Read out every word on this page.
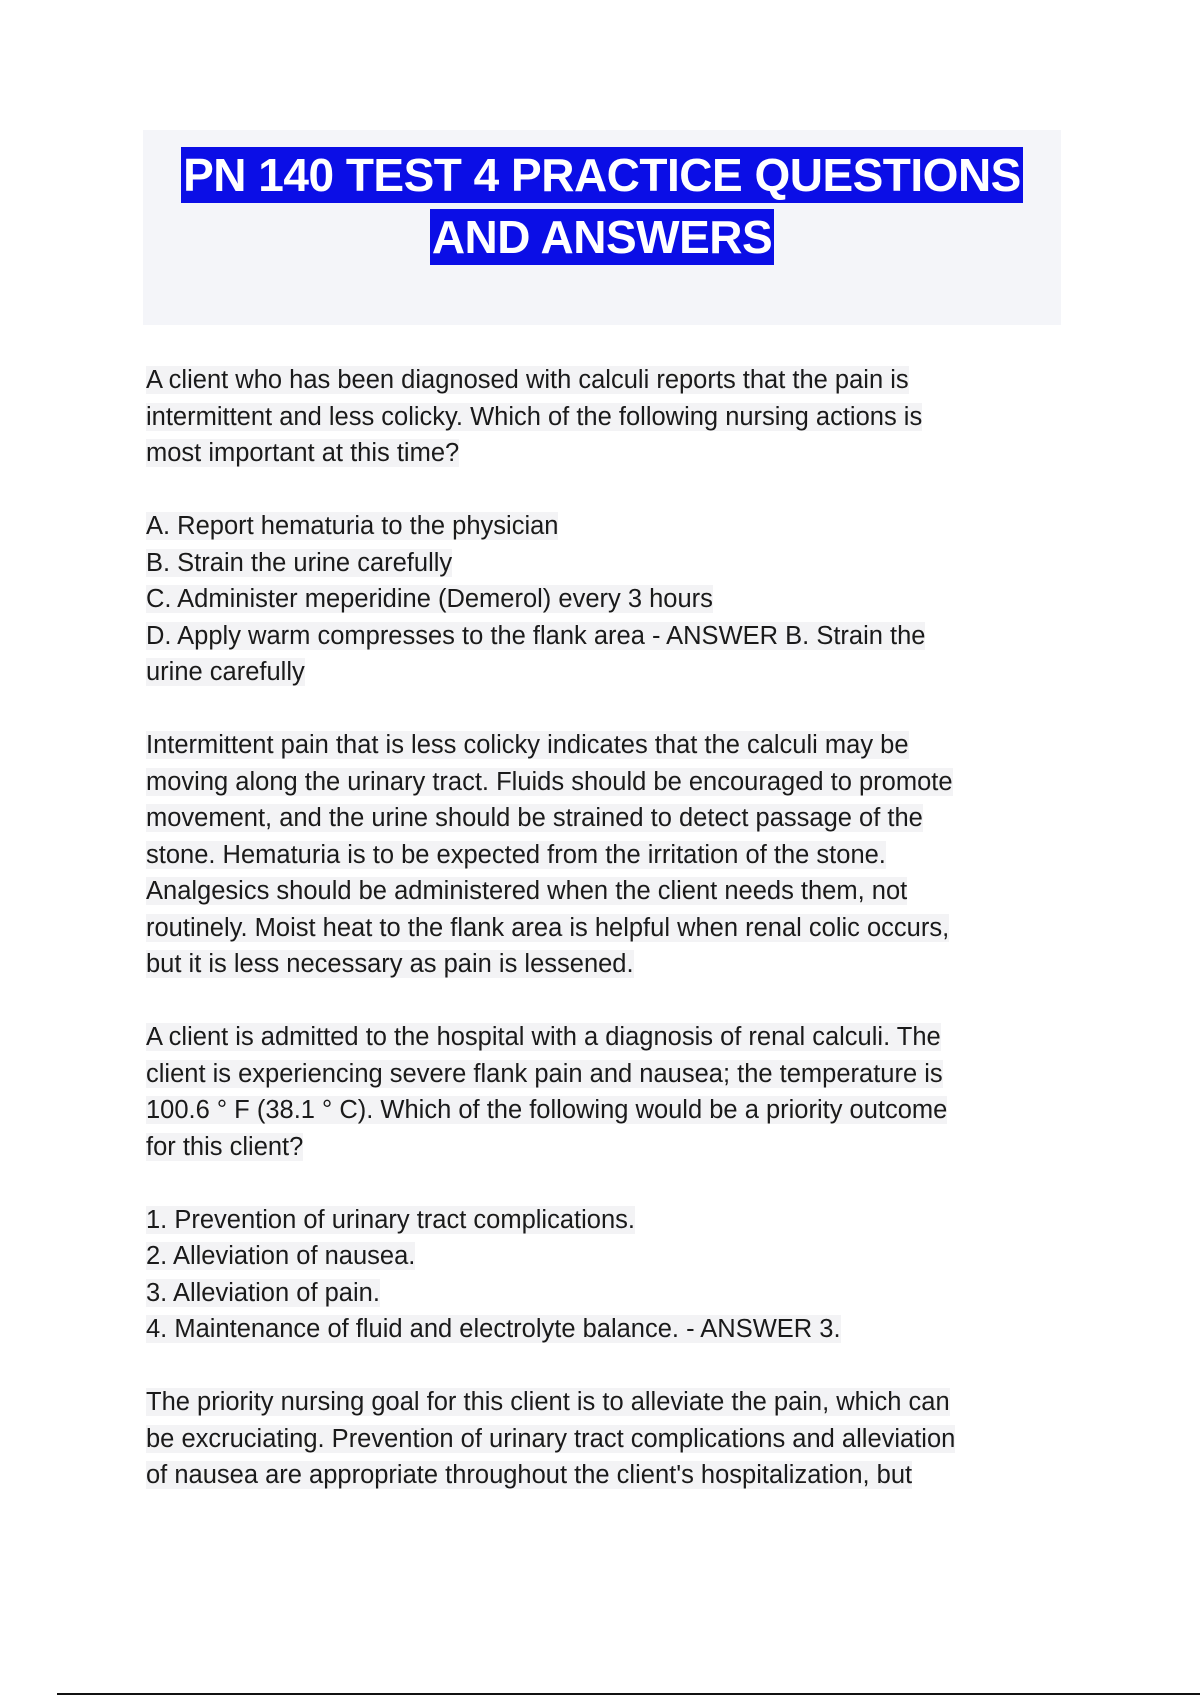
PN 140 TEST 4 PRACTICE QUESTIONS
AND ANSWERS
A client who has been diagnosed with calculi reports that the pain is
intermittent and less colicky. Which of the following nursing actions is
most important at this time?
A. Report hematuria to the physician
B. Strain the urine carefully
C. Administer meperidine (Demerol) every 3 hours
D. Apply warm compresses to the flank area - ANSWER B. Strain the
urine carefully
Intermittent pain that is less colicky indicates that the calculi may be
moving along the urinary tract. Fluids should be encouraged to promote
movement, and the urine should be strained to detect passage of the
stone. Hematuria is to be expected from the irritation of the stone.
Analgesics should be administered when the client needs them, not
routinely. Moist heat to the flank area is helpful when renal colic occurs,
but it is less necessary as pain is lessened.
A client is admitted to the hospital with a diagnosis of renal calculi. The
client is experiencing severe flank pain and nausea; the temperature is
100.6 ° F (38.1 ° C). Which of the following would be a priority outcome
for this client?
1. Prevention of urinary tract complications.
2. Alleviation of nausea.
3. Alleviation of pain.
4. Maintenance of fluid and electrolyte balance. - ANSWER 3.
The priority nursing goal for this client is to alleviate the pain, which can
be excruciating. Prevention of urinary tract complications and alleviation
of nausea are appropriate throughout the client's hospitalization, but
